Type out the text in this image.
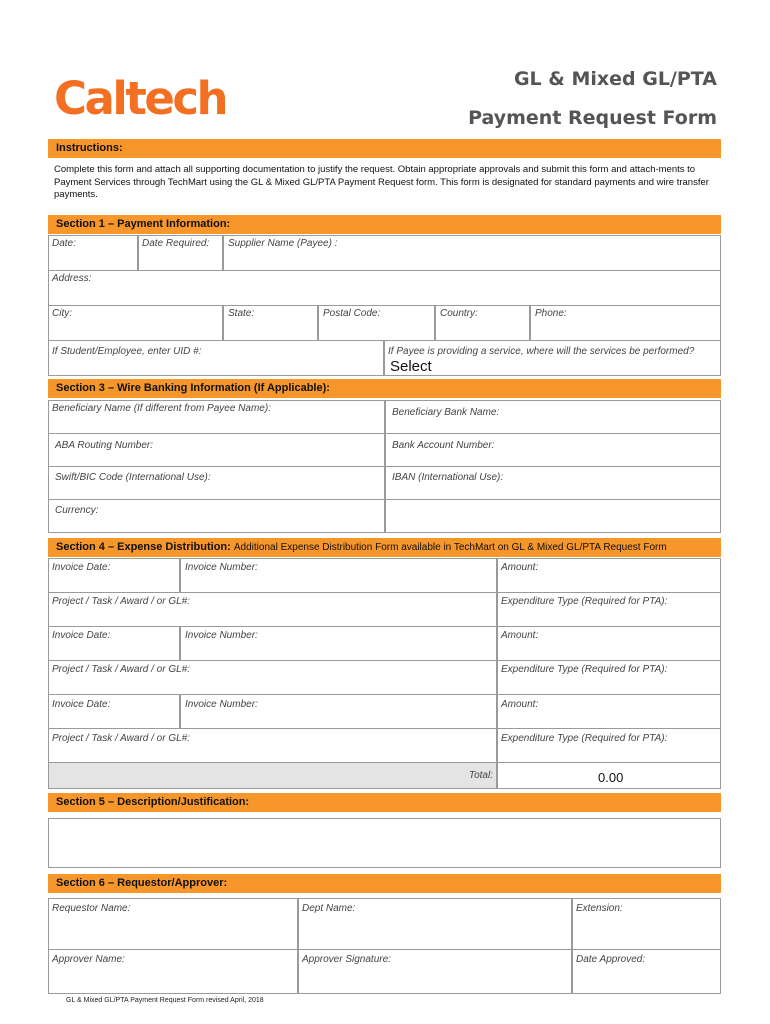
Caltech	GL & Mixed GL/PTA
Payment Request Form
Instructions:
Complete this form and attach all supporting documentation to justify the request. Obtain appropriate approvals and submit this form and attach-ments to Payment Services through TechMart using the GL & Mixed GL/PTA Payment Request form. This form is designated for standard payments and wire transfer payments.
Section 1 – Payment Information:
Date:	Date Required: Supplier Name (Payee) :
Address:
City:	State:	Postal Code:	Country:	Phone:
If Student/Employee, enter UID #:	If Payee is providing a service, where will the services be performed?
Select
Section 3 – Wire Banking Information (If Applicable):
Beneficiary Name (If different from Payee Name):	Beneficiary Bank Name:
ABA Routing Number:	Bank Account Number:
Swift/BIC Code (International Use):	IBAN (International Use):
Currency:
Section 4 – Expense Distribution: Additional Expense Distribution Form available in TechMart on GL & Mixed GL/PTA Request Form
Invoice Date:	Invoice Number:	Amount:
Project / Task / Award / or GL#:	Expenditure Type (Required for PTA):
Invoice Date:	Invoice Number:	Amount:
Project / Task / Award / or GL#:	Expenditure Type (Required for PTA):
Invoice Date:	Invoice Number:	Amount:
Project / Task / Award / or GL#:	Expenditure Type (Required for PTA):
Total:	0.00
Section 5 – Description/Justification:
Section 6 – Requestor/Approver:
Requestor Name:	Dept Name:	Extension:
Approver Name:	Approver Signature:	Date Approved:
GL & Mixed GL/PTA Payment Request Form revised April, 2018
